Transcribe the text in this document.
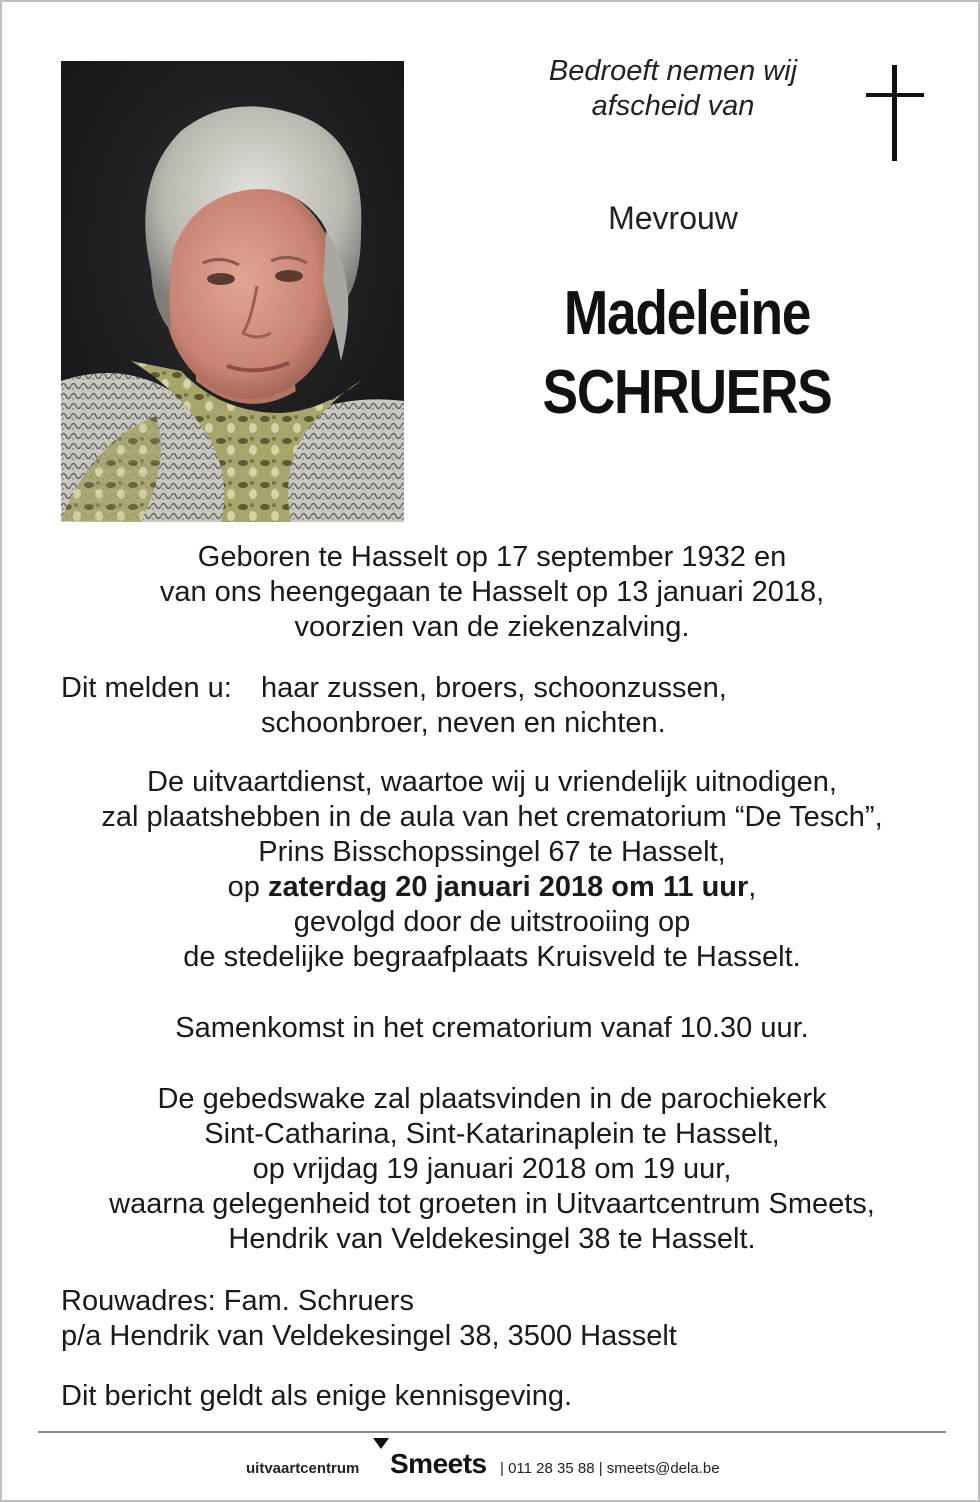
Bedroeft nemen wij
afscheid van
Mevrouw
Madeleine
SCHRUERS
Geboren te Hasselt op 17 september 1932 en
van ons heengegaan te Hasselt op 13 januari 2018,
voorzien van de ziekenzalving.
Dit melden u: haar zussen, broers, schoonzussen,
schoonbroer, neven en nichten.
De uitvaartdienst, waartoe wij u vriendelijk uitnodigen,
zal plaatshebben in de aula van het crematorium “De Tesch”,
Prins Bisschopssingel 67 te Hasselt,
op zaterdag 20 januari 2018 om 11 uur,
gevolgd door de uitstrooiing op
de stedelijke begraafplaats Kruisveld te Hasselt.
Samenkomst in het crematorium vanaf 10.30 uur.
De gebedswake zal plaatsvinden in de parochiekerk
Sint-Catharina, Sint-Katarinaplein te Hasselt,
op vrijdag 19 januari 2018 om 19 uur,
waarna gelegenheid tot groeten in Uitvaartcentrum Smeets,
Hendrik van Veldekesingel 38 te Hasselt.
Rouwadres: Fam. Schruers
p/a Hendrik van Veldekesingel 38, 3500 Hasselt
Dit bericht geldt als enige kennisgeving.
uitvaartcentrum Smeets | 011 28 35 88 | smeets@dela.be
